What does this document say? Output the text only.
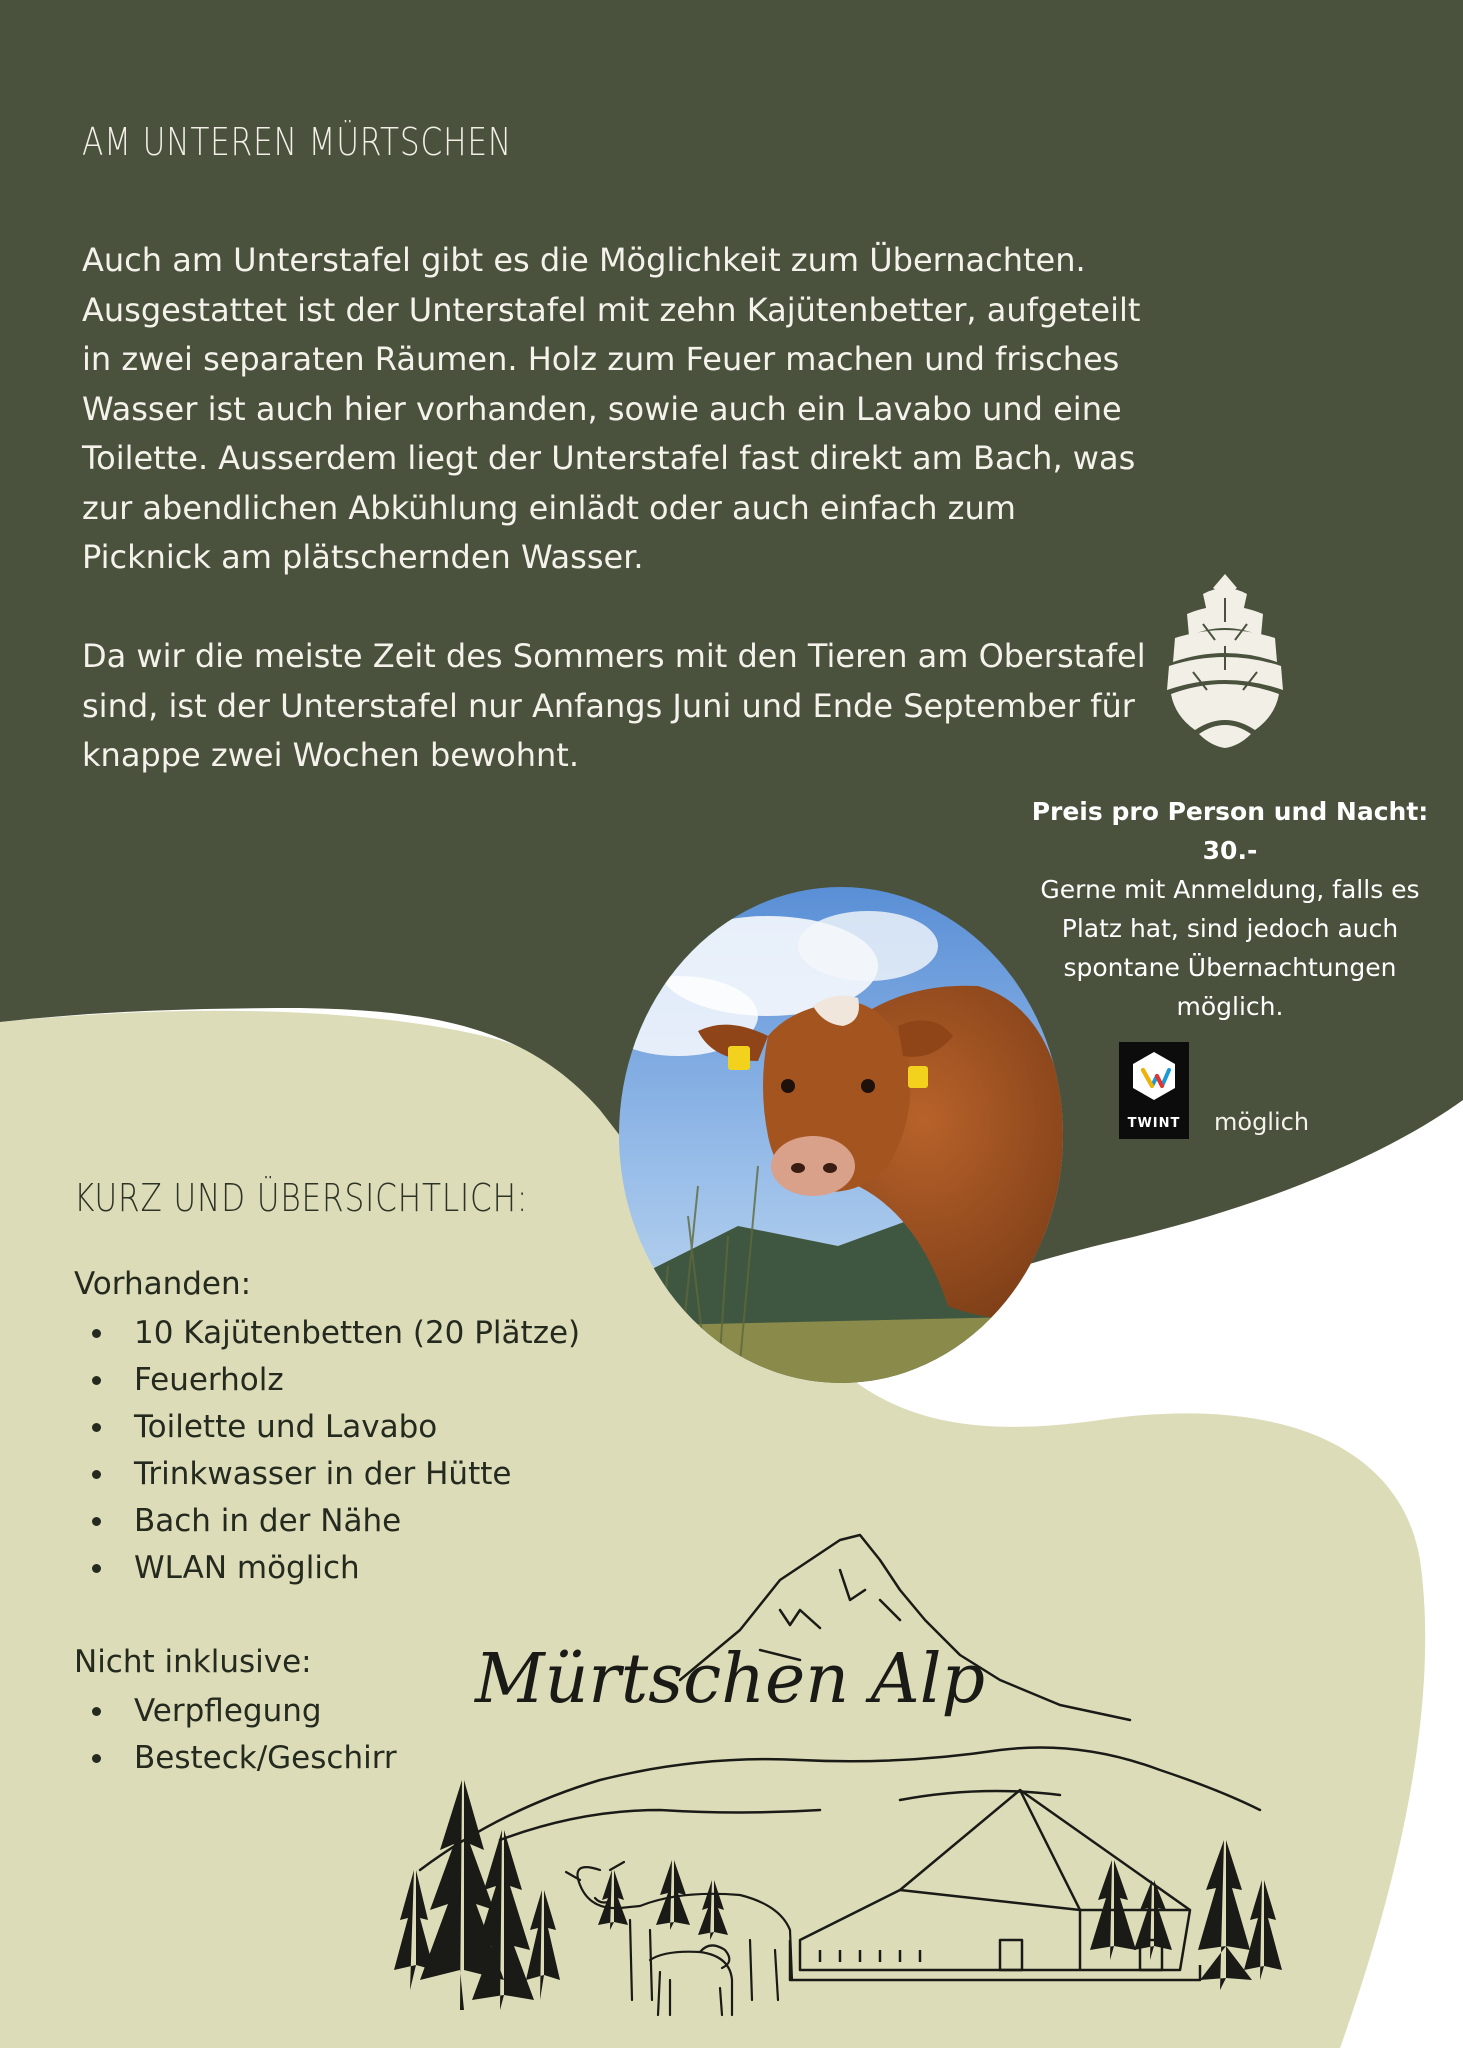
AM UNTEREN MÜRTSCHEN
Auch am Unterstafel gibt es die Möglichkeit zum Übernachten.
Ausgestattet ist der Unterstafel mit zehn Kajütenbetter, aufgeteilt
in zwei separaten Räumen. Holz zum Feuer machen und frisches
Wasser ist auch hier vorhanden, sowie auch ein Lavabo und eine
Toilette. Ausserdem liegt der Unterstafel fast direkt am Bach, was
zur abendlichen Abkühlung einlädt oder auch einfach zum
Picknick am plätschernden Wasser.
Da wir die meiste Zeit des Sommers mit den Tieren am Oberstafel
sind, ist der Unterstafel nur Anfangs Juni und Ende September für
knappe zwei Wochen bewohnt.
Preis pro Person und Nacht:
30.-
Gerne mit Anmeldung, falls es
Platz hat, sind jedoch auch
spontane Übernachtungen
möglich.
TWINT	möglich
KURZ UND ÜBERSICHTLICH:
Vorhanden:
10 Kajütenbetten (20 Plätze)
Feuerholz
Toilette und Lavabo
Trinkwasser in der Hütte
Bach in der Nähe
WLAN möglich
Nicht inklusive:
Verpflegung
Besteck/Geschirr
Mürtschen Alp
